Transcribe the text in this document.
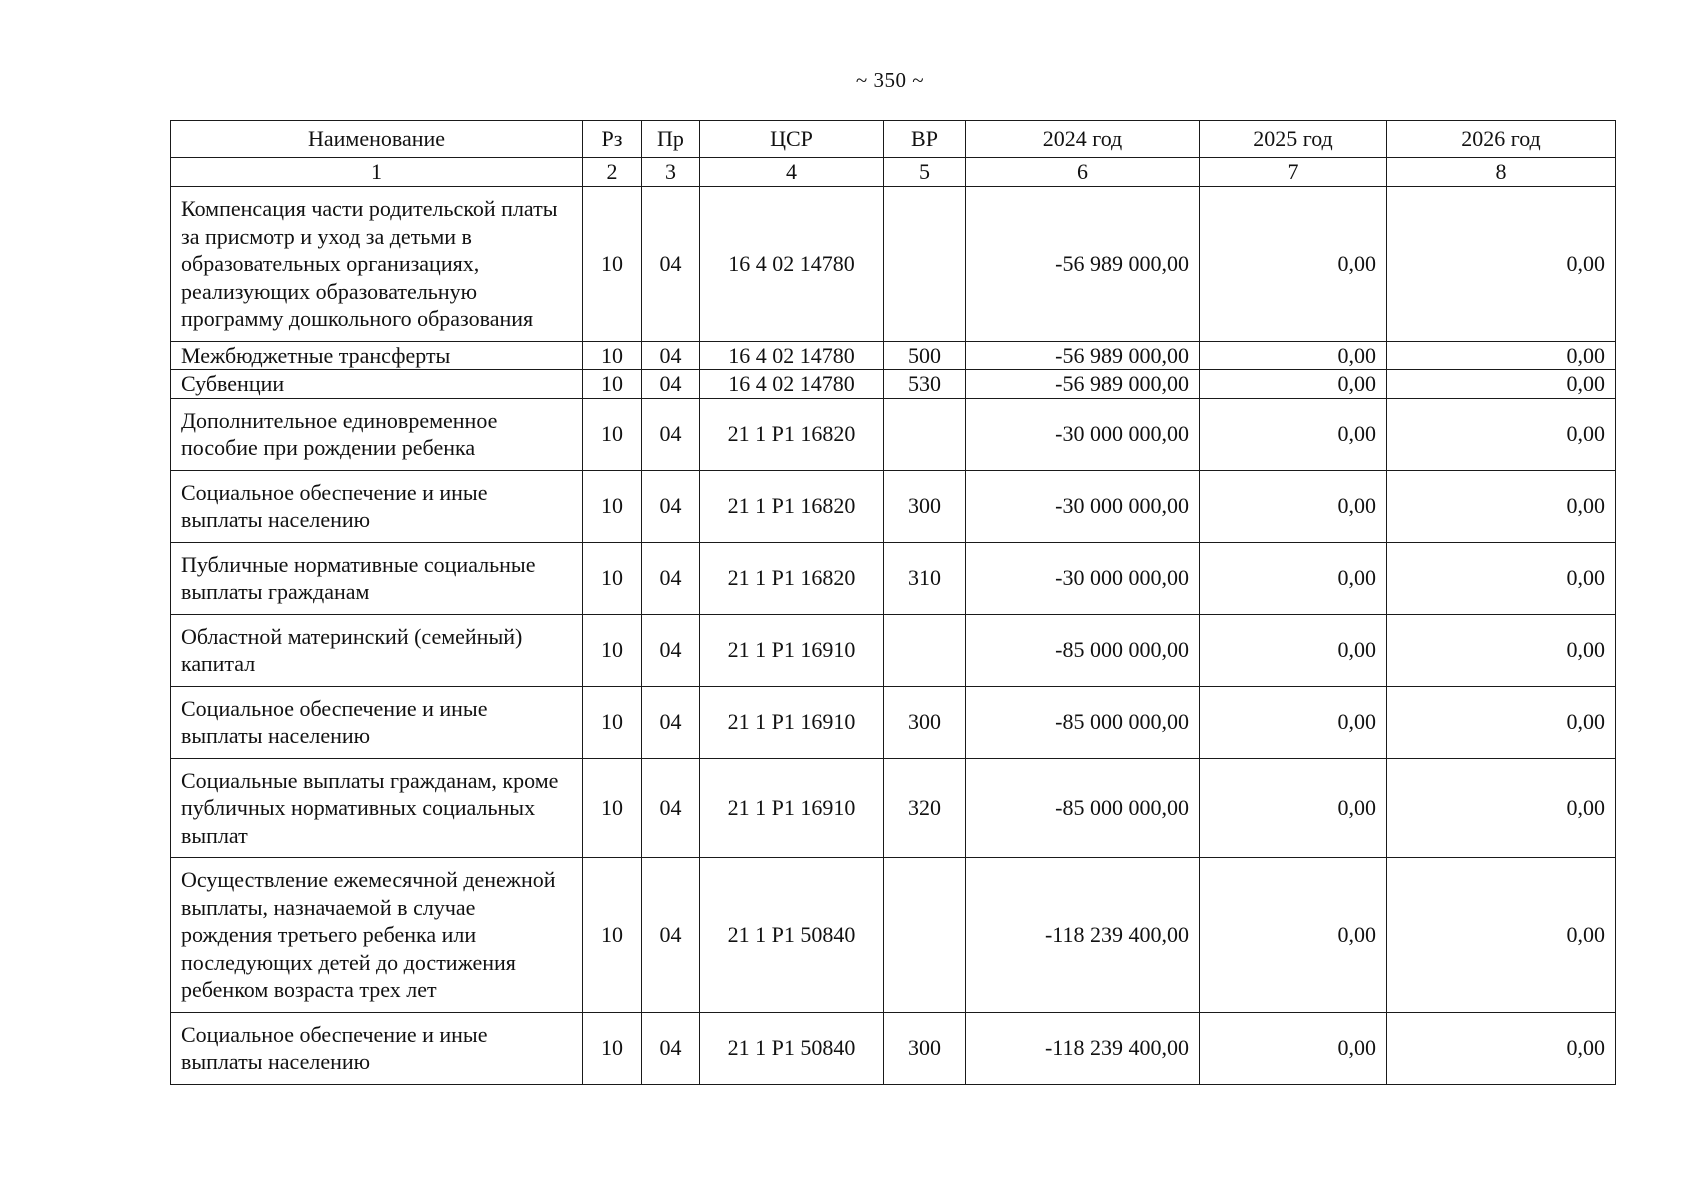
~ 350 ~
Наименование	Рз	Пр	ЦСР	ВР	2024 год	2025 год	2026 год
1	2	3	4	5	6	7	8
Компенсация части родительской платы за присмотр и уход за детьми в образовательных организациях, реализующих образовательную программу дошкольного образования	10	04	16 4 02 14780		-56 989 000,00	0,00	0,00
Межбюджетные трансферты	10	04	16 4 02 14780	500	-56 989 000,00	0,00	0,00
Субвенции	10	04	16 4 02 14780	530	-56 989 000,00	0,00	0,00
Дополнительное единовременное пособие при рождении ребенка	10	04	21 1 P1 16820		-30 000 000,00	0,00	0,00
Социальное обеспечение и иные выплаты населению	10	04	21 1 P1 16820	300	-30 000 000,00	0,00	0,00
Публичные нормативные социальные выплаты гражданам	10	04	21 1 P1 16820	310	-30 000 000,00	0,00	0,00
Областной материнский (семейный) капитал	10	04	21 1 P1 16910		-85 000 000,00	0,00	0,00
Социальное обеспечение и иные выплаты населению	10	04	21 1 P1 16910	300	-85 000 000,00	0,00	0,00
Социальные выплаты гражданам, кроме публичных нормативных социальных выплат	10	04	21 1 P1 16910	320	-85 000 000,00	0,00	0,00
Осуществление ежемесячной денежной выплаты, назначаемой в случае рождения третьего ребенка или последующих детей до достижения ребенком возраста трех лет	10	04	21 1 P1 50840		-118 239 400,00	0,00	0,00
Социальное обеспечение и иные выплаты населению	10	04	21 1 P1 50840	300	-118 239 400,00	0,00	0,00
